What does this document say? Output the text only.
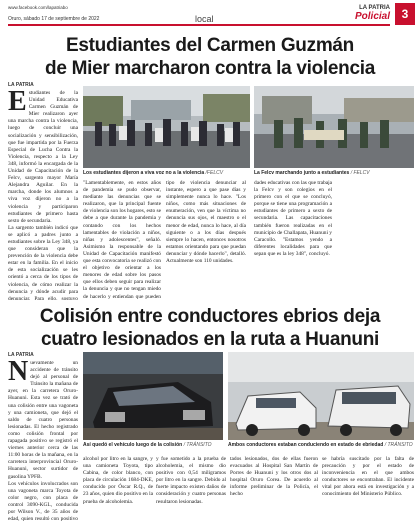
www.facebook.com/lapatriabo
Oruro, sábado 17 de septiembre de 2022	local
LA PATRIA
Policial 3
Estudiantes del Carmen Guzmán
de Mier marcharon contra la violencia
LA PATRIA
Estudiantes de la Unidad Educativa Carmen Guzmán de Mier realizaron ayer una marcha contra la violencia, luego de concluir una socialización y sensibilización, que fue impartida por la Fuerza Especial de Lucha Contra la Violencia, respecto a la Ley 348, informó la encargada de la Unidad de Capacitación de la Felcv, sargento mayor María Alejandra Aguilar. En la marcha, donde los alumnos a viva voz dijeron no a la violencia y participaron estudiantes de primero hasta sexto de secundaria.
La sargento también indicó que se aplicó a padres junto a estudiantes sobre la Ley 348, ya que consideran que la prevención de la violencia debe estar en la familia. En el inicio de esta socialización se les orientó a cerca de los tipos de violencia, de cómo realizar la denuncia y dónde acudir para denunciar. Para ello, sostuvo
Los estudiantes dijeron a viva voz no a la violencia /FELCV	La Felcv marchando junto a estudiantes / FELCV
"Lamentablemente, en estos años de pandemia se pudo observar, mediante las denuncias que se realizaron, que la principal fuente de violencia son los hogares, esto se debe a que durante la pandemia y contando con los hechos lamentables de violación a niños, niñas y adolescentes", señaló. Asimismo la responsable de la Unidad de Capacitación manifestó que esta convocatoria se realizó con el objetivo de orientar a los menores de edad sobre los pasos que ellos deben seguir para realizar la denuncia y que no tengan miedo de hacerlo y entiendan que pueden
tipo de violencia denunciar al instante, espero a que pase días y simplemente nunca lo hace. "Los niños, como más situaciones de enumeración, ven que la víctima no denuncia sus ojos, el maestro o el menor de edad, nunca lo hace, al día siguiente o a los días después siempre lo hacen, entonces nosotros estamos orientando para que puedan denunciar y dónde hacerlo", detalló. Actualmente son 110 unidades.
dades educativas con las que trabaja la Felcv y son colegios en el primero con el que se concluyó, porque se tiene una programación a estudiantes de primero a sexto de secundaria. Las capacitaciones también fueron realizadas en el municipio de Challapata, Huanuni y Caracollo. "Estamos yendo a diferentes localidades para que sepan que es la ley 348", concluyó.
Colisión entre conductores ebrios deja
cuatro lesionados en la ruta a Huanuni
LA PATRIA
Nuevamente un accidente de tránsito dejó al personal de Tránsito la mañana de ayer, en la carretera Oruro-Huanuni. Esta vez se trató de una colisión entre una vagoneta y una camioneta, que dejó el saldo de cuatro personas lesionadas. El hecho registrado como colisión frontal por rapagada positivo se registró el viernes anterior cerca de las 11:00 horas de la mañana, en la carretera interprovincial Oruro-Huanuni, sector surtidor de gasolina YPFB.
Los vehículos involucrados son una vagoneta marca Toyota de color negro, con placa de control 3090-KGL, conducida por Wilson V., de 35 años de edad, quien resultó con positivo
Así quedó el vehículo luego de la colisión / TRÁNSITO	Ambos conductores estaban conduciendo en estado de ebriedad / TRÁNSITO
alcohol por litro en la sangre, y una camioneta Toyota, tipo Cabina, de color blanco, con placa de circulación 1684-DKE, conducido por Óscar R.Q., de 23 años, quien dio positivo en la prueba de alcoholemia.
y fue sometido a la prueba de alcoholemia, el mismo dio positivo con 0,54 miligramos por litro en la sangre. Debido al fuerte impacto existen daños de consideración y cuatro personas resultaron lesionadas.
tados lesionados, dos de ellas fueron evacuados al Hospital San Martín de Porres de Huanuni y los otros dos al hospital Oruro Corea. De acuerdo al informe preliminar de la Policía, el hecho
se habría suscitado por la falta de precaución y por el estado de inconveniencia en el que ambos conductores se encontraban. El incidente vital por ahora está en investigación y a conocimiento del Ministerio Público.
